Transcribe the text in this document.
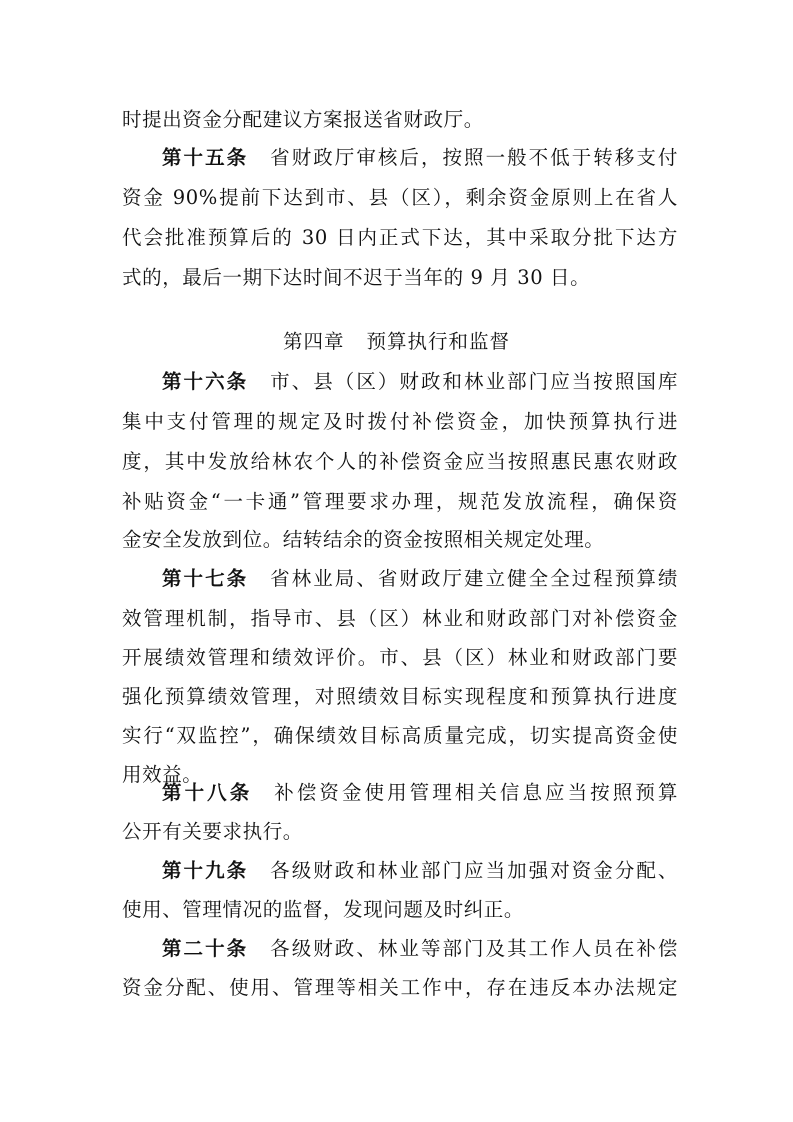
时提出资金分配建议方案报送省财政厅。
第十五条 省财政厅审核后，按照一般不低于转移支付
资金 90%提前下达到市、县（区），剩余资金原则上在省人
代会批准预算后的 30 日内正式下达，其中采取分批下达方
式的，最后一期下达时间不迟于当年的 9 月 30 日。
第四章 预算执行和监督
第十六条 市、县（区）财政和林业部门应当按照国库
集中支付管理的规定及时拨付补偿资金，加快预算执行进
度，其中发放给林农个人的补偿资金应当按照惠民惠农财政
补贴资金“一卡通”管理要求办理，规范发放流程，确保资
金安全发放到位。结转结余的资金按照相关规定处理。
第十七条 省林业局、省财政厅建立健全全过程预算绩
效管理机制，指导市、县（区）林业和财政部门对补偿资金
开展绩效管理和绩效评价。市、县（区）林业和财政部门要
强化预算绩效管理，对照绩效目标实现程度和预算执行进度
实行“双监控”，确保绩效目标高质量完成，切实提高资金使
用效益。
第十八条 补偿资金使用管理相关信息应当按照预算
公开有关要求执行。
第十九条 各级财政和林业部门应当加强对资金分配、
使用、管理情况的监督，发现问题及时纠正。
第二十条 各级财政、林业等部门及其工作人员在补偿
资金分配、使用、管理等相关工作中，存在违反本办法规定
